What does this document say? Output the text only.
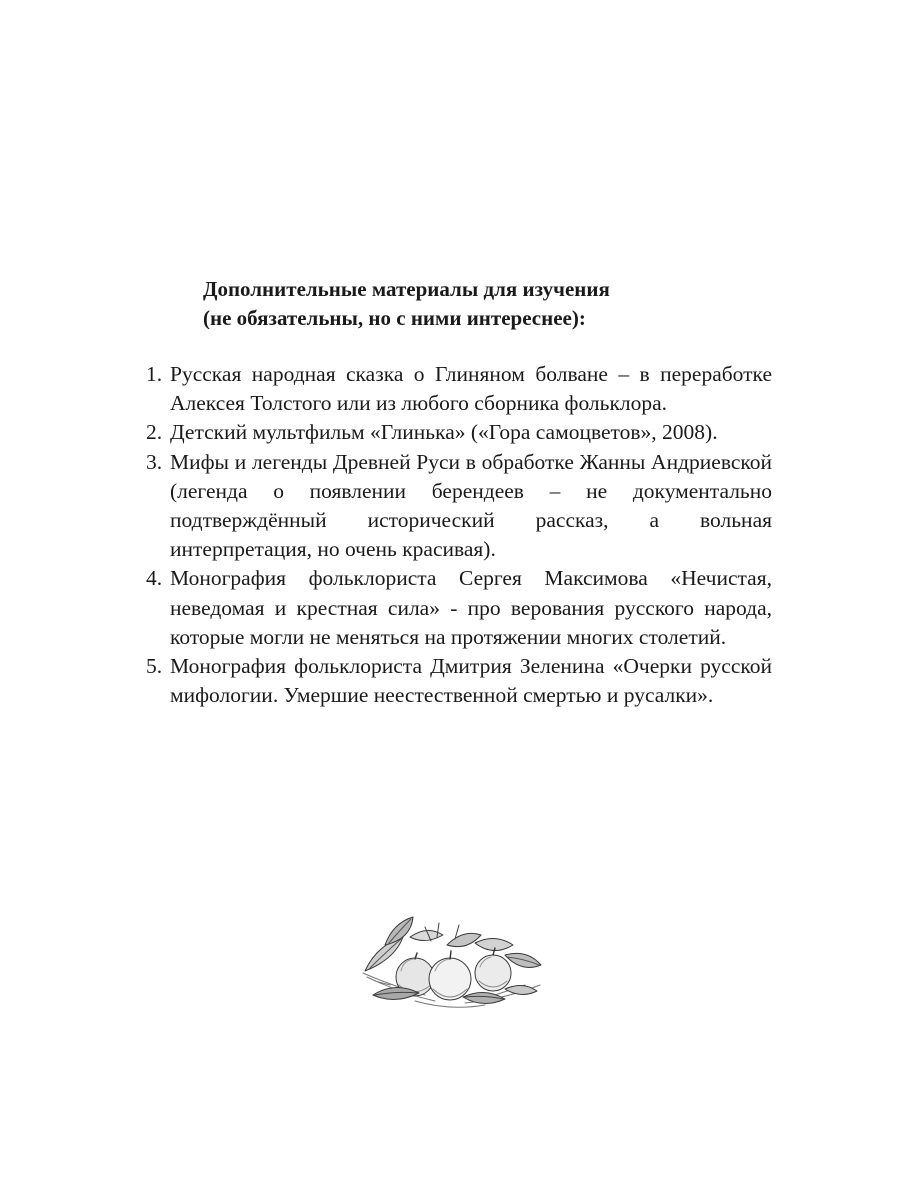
Дополнительные материалы для изучения
(не обязательны, но с ними интереснее):
1. Русская народная сказка о Глиняном болване – в переработке Алексея Толстого или из любого сборника фольклора.
2. Детский мультфильм «Глинька» («Гора самоцветов», 2008).
3. Мифы и легенды Древней Руси в обработке Жанны Андриевской (легенда о появлении берендеев – не документально подтверждённый исторический рассказ, а вольная интерпретация, но очень красивая).
4. Монография фольклориста Сергея Максимова «Нечистая, неведомая и крестная сила» - про верования русского народа, которые могли не меняться на протяжении многих столетий.
5. Монография фольклориста Дмитрия Зеленина «Очерки русской мифологии. Умершие неестественной смертью и русалки».
